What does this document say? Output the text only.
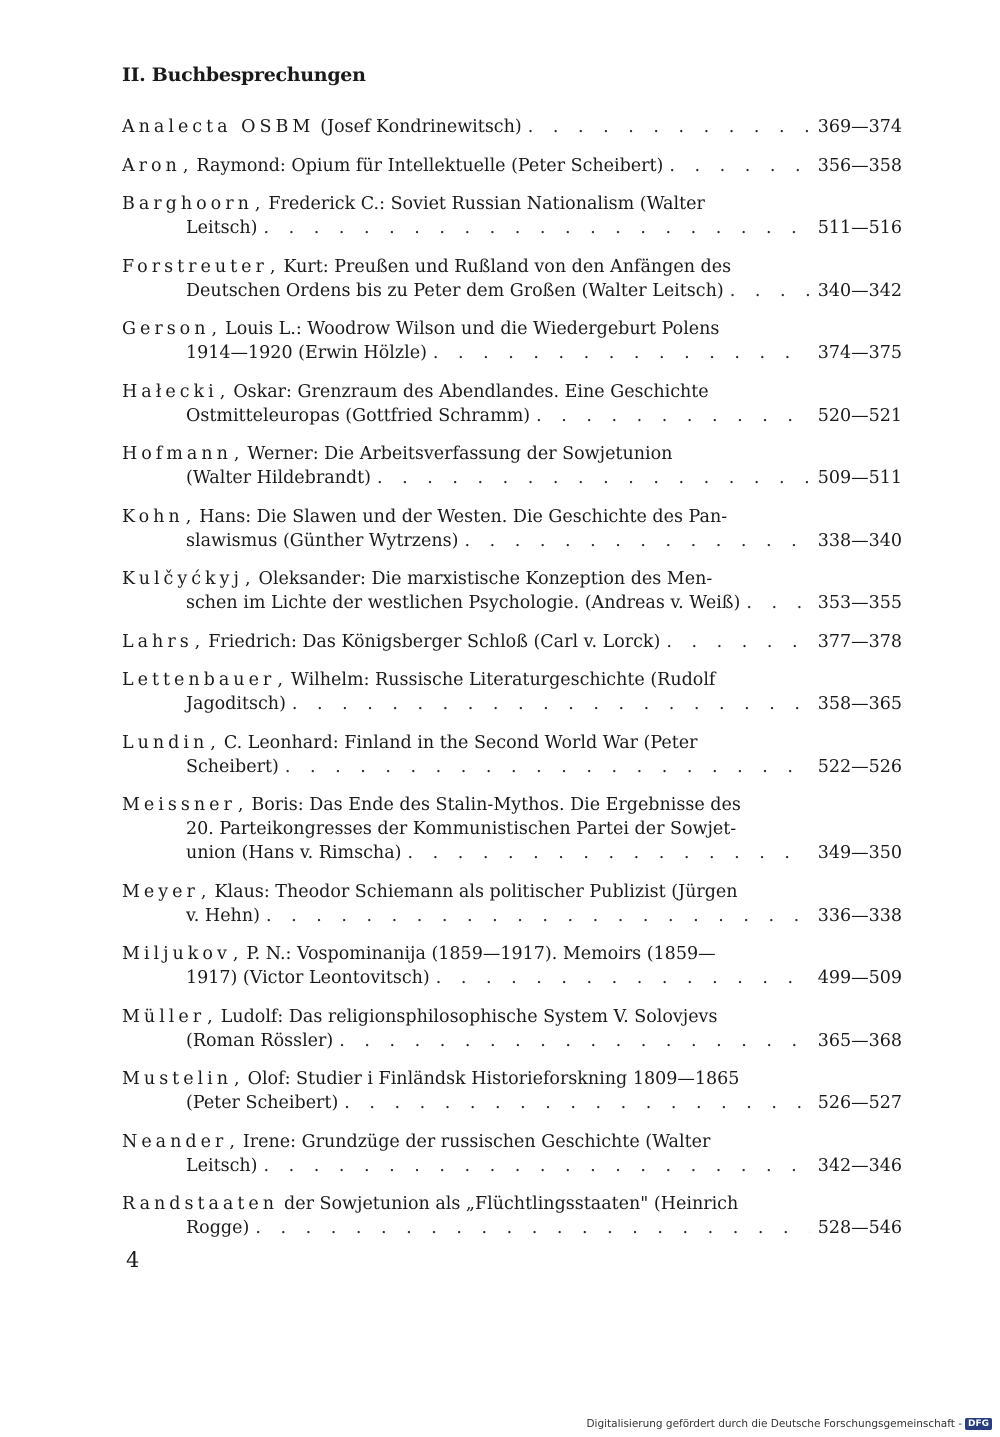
II. Buchbesprechungen
Analecta OSBM (Josef Kondrinewitsch) . . .	369—374
Aron , Raymond: Opium für Intellektuelle (Peter Scheibert) . . .	356—358
Barghoorn , Frederick C.: Soviet Russian Nationalism (Walter
Leitsch) . . .	511—516
Forstreuter , Kurt: Preußen und Rußland von den Anfängen des
Deutschen Ordens bis zu Peter dem Großen (Walter Leitsch) . . .	340—342
Gerson , Louis L.: Woodrow Wilson und die Wiedergeburt Polens
1914—1920 (Erwin Hölzle) . . .	374—375
Hałecki , Oskar: Grenzraum des Abendlandes. Eine Geschichte
Ostmitteleuropas (Gottfried Schramm) . . .	520—521
Hofmann , Werner: Die Arbeitsverfassung der Sowjetunion
(Walter Hildebrandt) . . .	509—511
Kohn , Hans: Die Slawen und der Westen. Die Geschichte des Pan-
slawismus (Günther Wytrzens) . . .	338—340
Kulčyćkyj , Oleksander: Die marxistische Konzeption des Men-
schen im Lichte der westlichen Psychologie. (Andreas v. Weiß) . . .	353—355
Lahrs , Friedrich: Das Königsberger Schloß (Carl v. Lorck) . . .	377—378
Lettenbauer , Wilhelm: Russische Literaturgeschichte (Rudolf
Jagoditsch) . . .	358—365
Lundin , C. Leonhard: Finland in the Second World War (Peter
Scheibert) . . .	522—526
Meissner , Boris: Das Ende des Stalin-Mythos. Die Ergebnisse des
20. Parteikongresses der Kommunistischen Partei der Sowjet-
union (Hans v. Rimscha) . . .	349—350
Meyer , Klaus: Theodor Schiemann als politischer Publizist (Jürgen
v. Hehn) . . .	336—338
Miljukov , P. N.: Vospominanija (1859—1917). Memoirs (1859—
1917) (Victor Leontovitsch) . . .	499—509
Müller , Ludolf: Das religionsphilosophische System V. Solovjevs
(Roman Rössler) . . .	365—368
Mustelin , Olof: Studier i Finländsk Historieforskning 1809—1865
(Peter Scheibert) . . .	526—527
Neander , Irene: Grundzüge der russischen Geschichte (Walter
Leitsch) . . .	342—346
Randstaaten der Sowjetunion als „Flüchtlingsstaaten" (Heinrich
Rogge) . . .	528—546
4
Digitalisierung gefördert durch die Deutsche Forschungsgemeinschaft - DFG
